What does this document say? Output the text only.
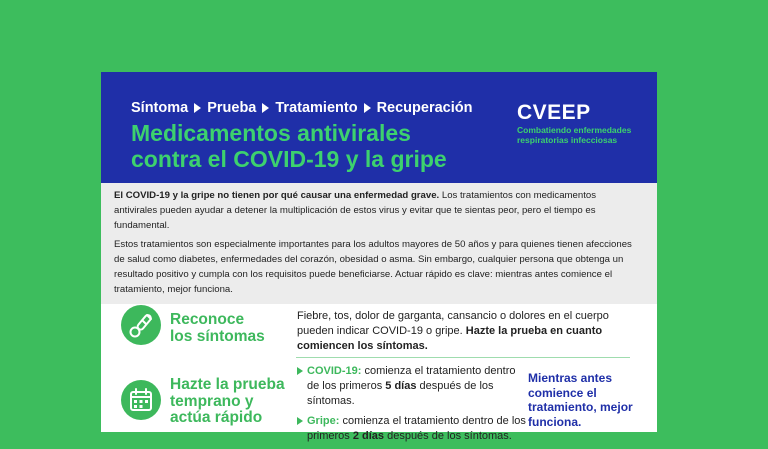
Síntoma Prueba Tratamiento Recuperación
Medicamentos antivirales
contra el COVID-19 y la gripe
CVEEP
Combatiendo enfermedades respiratorias infecciosas

El COVID-19 y la gripe no tienen por qué causar una enfermedad grave. Los tratamientos con medicamentos antivirales pueden ayudar a detener la multiplicación de estos virus y evitar que te sientas peor, pero el tiempo es fundamental.

Estos tratamientos son especialmente importantes para los adultos mayores de 50 años y para quienes tienen afecciones de salud como diabetes, enfermedades del corazón, obesidad o asma. Sin embargo, cualquier persona que obtenga un resultado positivo y cumpla con los requisitos puede beneficiarse. Actuar rápido es clave: mientras antes comience el tratamiento, mejor funciona.

Reconoce
los síntomas
Fiebre, tos, dolor de garganta, cansancio o dolores en el cuerpo pueden indicar COVID-19 o gripe. Hazte la prueba en cuanto comiencen los síntomas.
Hazte la prueba
temprano y
actúa rápido
COVID-19: comienza el tratamiento dentro de los primeros 5 días después de los síntomas.
Gripe: comienza el tratamiento dentro de los primeros 2 días después de los síntomas.
Mientras antes comience el tratamiento, mejor funciona.
